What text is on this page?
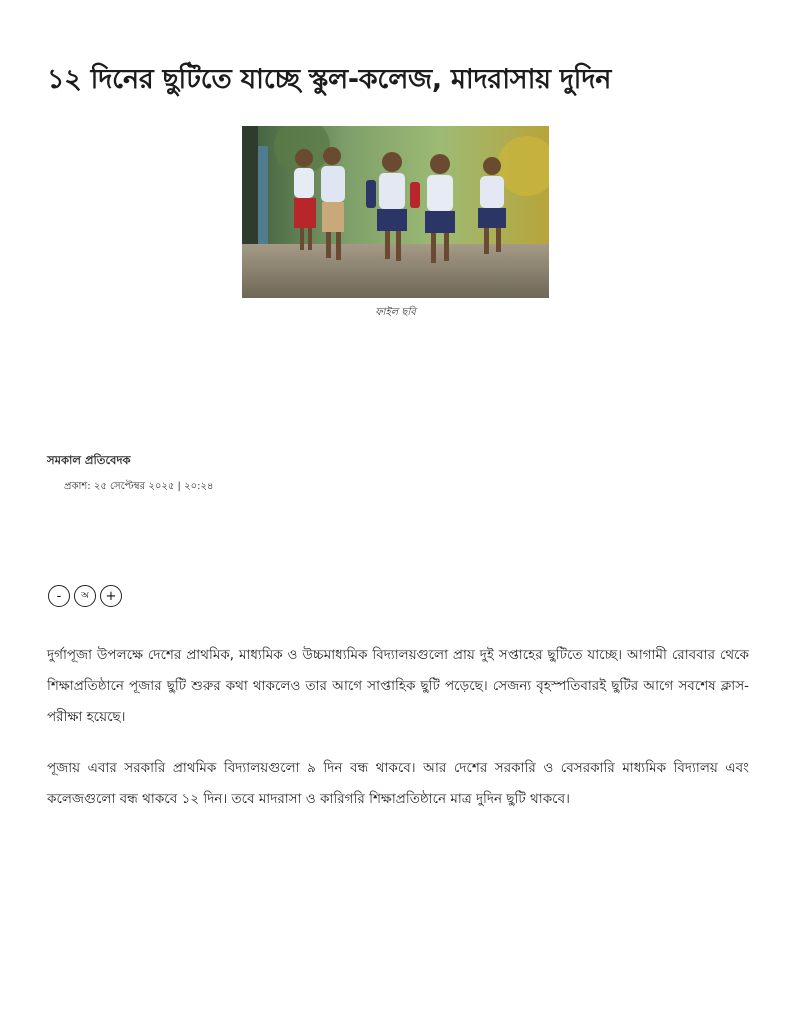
১২ দিনের ছুটিতে যাচ্ছে স্কুল-কলেজ, মাদরাসায় দুদিন
ফাইল ছবি
সমকাল প্রতিবেদক
প্রকাশ: ২৫ সেপ্টেম্বর ২০২৫ | ২০:২৪
-	অ	+

দুর্গাপূজা উপলক্ষে দেশের প্রাথমিক, মাধ্যমিক ও উচ্চমাধ্যমিক বিদ্যালয়গুলো প্রায় দুই সপ্তাহের ছুটিতে যাচ্ছে। আগামী রোববার থেকে শিক্ষাপ্রতিষ্ঠানে পূজার ছুটি শুরুর কথা থাকলেও তার আগে সাপ্তাহিক ছুটি পড়েছে। সেজন্য বৃহস্পতিবারই ছুটির আগে সবশেষ ক্লাস-পরীক্ষা হয়েছে।

পূজায় এবার সরকারি প্রাথমিক বিদ্যালয়গুলো ৯ দিন বন্ধ থাকবে। আর দেশের সরকারি ও বেসরকারি মাধ্যমিক বিদ্যালয় এবং কলেজগুলো বন্ধ থাকবে ১২ দিন। তবে মাদরাসা ও কারিগরি শিক্ষাপ্রতিষ্ঠানে মাত্র দুদিন ছুটি থাকবে।
